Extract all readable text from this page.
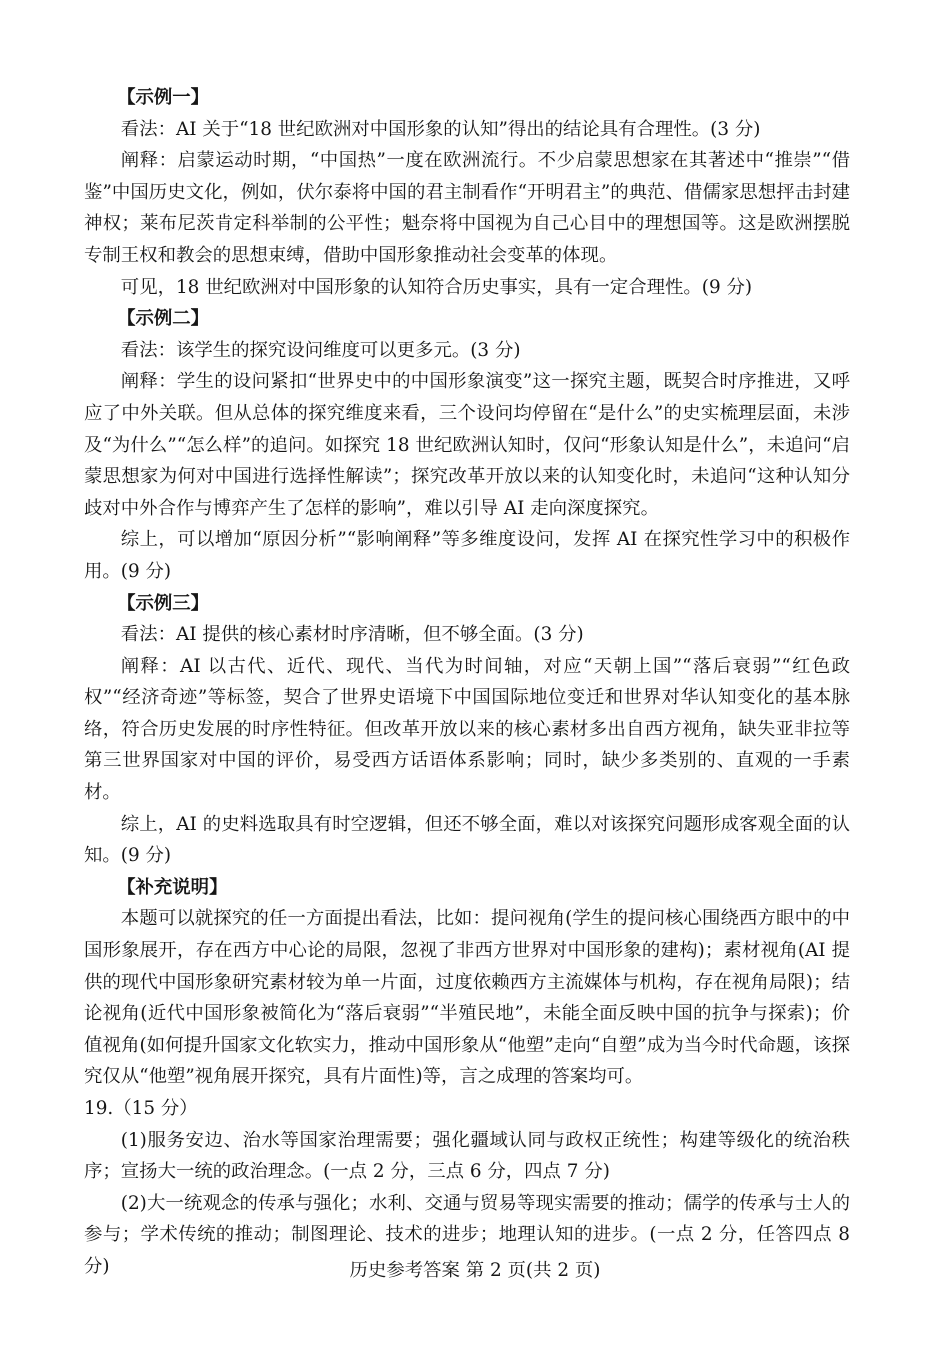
【示例一】

看法：AI 关于“18 世纪欧洲对中国形象的认知”得出的结论具有合理性。(3 分)

阐释：启蒙运动时期，“中国热”一度在欧洲流行。不少启蒙思想家在其著述中“推崇”“借鉴”中国历史文化，例如，伏尔泰将中国的君主制看作“开明君主”的典范、借儒家思想抨击封建神权；莱布尼茨肯定科举制的公平性；魁奈将中国视为自己心目中的理想国等。这是欧洲摆脱专制王权和教会的思想束缚，借助中国形象推动社会变革的体现。

可见，18 世纪欧洲对中国形象的认知符合历史事实，具有一定合理性。(9 分)

【示例二】

看法：该学生的探究设问维度可以更多元。(3 分)

阐释：学生的设问紧扣“世界史中的中国形象演变”这一探究主题，既契合时序推进，又呼应了中外关联。但从总体的探究维度来看，三个设问均停留在“是什么”的史实梳理层面，未涉及“为什么”“怎么样”的追问。如探究 18 世纪欧洲认知时，仅问“形象认知是什么”，未追问“启蒙思想家为何对中国进行选择性解读”；探究改革开放以来的认知变化时，未追问“这种认知分歧对中外合作与博弈产生了怎样的影响”，难以引导 AI 走向深度探究。

综上，可以增加“原因分析”“影响阐释”等多维度设问，发挥 AI 在探究性学习中的积极作用。(9 分)

【示例三】

看法：AI 提供的核心素材时序清晰，但不够全面。(3 分)

阐释：AI 以古代、近代、现代、当代为时间轴，对应“天朝上国”“落后衰弱”“红色政权”“经济奇迹”等标签，契合了世界史语境下中国国际地位变迁和世界对华认知变化的基本脉络，符合历史发展的时序性特征。但改革开放以来的核心素材多出自西方视角，缺失亚非拉等第三世界国家对中国的评价，易受西方话语体系影响；同时，缺少多类别的、直观的一手素材。

综上，AI 的史料选取具有时空逻辑，但还不够全面，难以对该探究问题形成客观全面的认知。(9 分)

【补充说明】

本题可以就探究的任一方面提出看法，比如：提问视角(学生的提问核心围绕西方眼中的中国形象展开，存在西方中心论的局限，忽视了非西方世界对中国形象的建构)；素材视角(AI 提供的现代中国形象研究素材较为单一片面，过度依赖西方主流媒体与机构，存在视角局限)；结论视角(近代中国形象被简化为“落后衰弱”“半殖民地”，未能全面反映中国的抗争与探索)；价值视角(如何提升国家文化软实力，推动中国形象从“他塑”走向“自塑”成为当今时代命题，该探究仅从“他塑”视角展开探究，具有片面性)等，言之成理的答案均可。

19.（15 分）

(1)服务安边、治水等国家治理需要；强化疆域认同与政权正统性；构建等级化的统治秩序；宣扬大一统的政治理念。(一点 2 分，三点 6 分，四点 7 分)

(2)大一统观念的传承与强化；水利、交通与贸易等现实需要的推动；儒学的传承与士人的参与；学术传统的推动；制图理论、技术的进步；地理认知的进步。(一点 2 分，任答四点 8 分)	历史参考答案 第 2 页(共 2 页)
